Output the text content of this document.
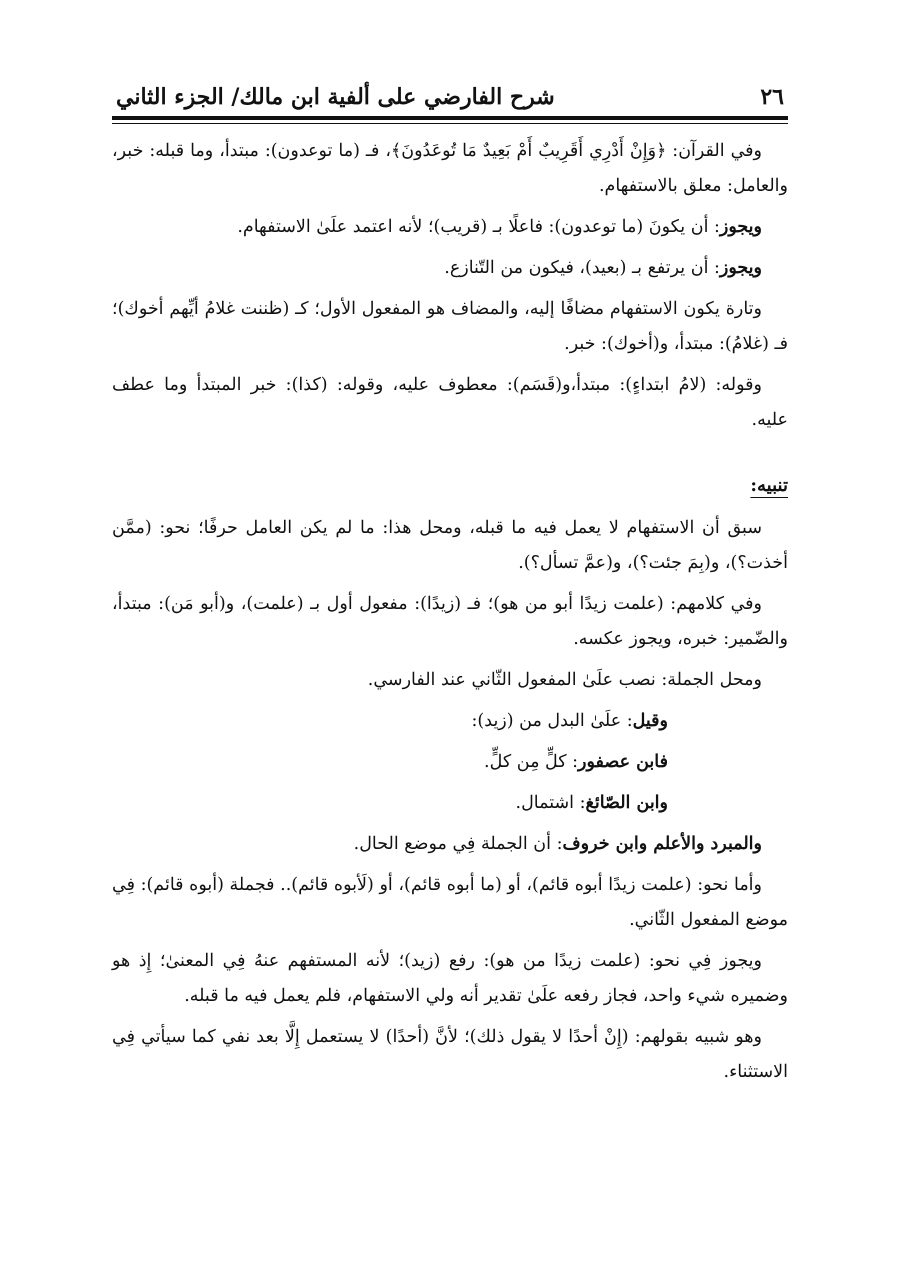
٢٦
شرح الفارضي على ألفية ابن مالك/ الجزء الثاني

وفي القرآن: ﴿وَإِنْ أَدْرِي أَقَرِيبٌ أَمْ بَعِيدٌ مَا تُوعَدُونَ﴾، فـ (ما توعدون): مبتدأ، وما قبله: خبر، والعامل: معلق بالاستفهام.

ويجوز: أن يكونَ (ما توعدون): فاعلًا بـ (قريب)؛ لأنه اعتمد علَىٰ الاستفهام.

ويجوز: أن يرتفع بـ (بعيد)، فيكون من التّنازع.

وتارة يكون الاستفهام مضافًا إليه، والمضاف هو المفعول الأول؛ كـ (ظننت غلامُ أيِّهم أخوك)؛ فـ (غلامُ): مبتدأ، و(أخوك): خبر.

وقوله: (لامُ ابتداءٍ): مبتدأ،و(قَسَم): معطوف عليه، وقوله: (كذا): خبر المبتدأ وما عطف عليه.

تنبيه:

سبق أن الاستفهام لا يعمل فيه ما قبله، ومحل هذا: ما لم يكن العامل حرفًا؛ نحو: (ممَّن أخذت؟)، و(بِمَ جئت؟)، و(عمَّ تسأل؟).

وفي كلامهم: (علمت زيدًا أبو من هو)؛ فـ (زيدًا): مفعول أول بـ (علمت)، و(أبو مَن): مبتدأ، والضّمير: خبره، ويجوز عكسه.

ومحل الجملة: نصب علَىٰ المفعول الثّاني عند الفارسي.

وقيل: علَىٰ البدل من (زيد):

فابن عصفور: كلٍّ مِن كلٍّ.

وابن الصّائغ: اشتمال.

والمبرد والأعلم وابن خروف: أن الجملة فِي موضع الحال.

وأما نحو: (علمت زيدًا أبوه قائم)، أو (ما أبوه قائم)، أو (لَأبوه قائم).. فجملة (أبوه قائم): فِي موضع المفعول الثّاني.

ويجوز فِي نحو: (علمت زيدًا من هو): رفع (زيد)؛ لأنه المستفهم عنهُ فِي المعنىٰ؛ إِذ هو وضميره شيء واحد، فجاز رفعه علَىٰ تقدير أنه ولي الاستفهام، فلم يعمل فيه ما قبله.

وهو شبيه بقولهم: (إِنْ أحدًا لا يقول ذلك)؛ لأنَّ (أحدًا) لا يستعمل إِلَّا بعد نفي كما سيأتي فِي الاستثناء.
